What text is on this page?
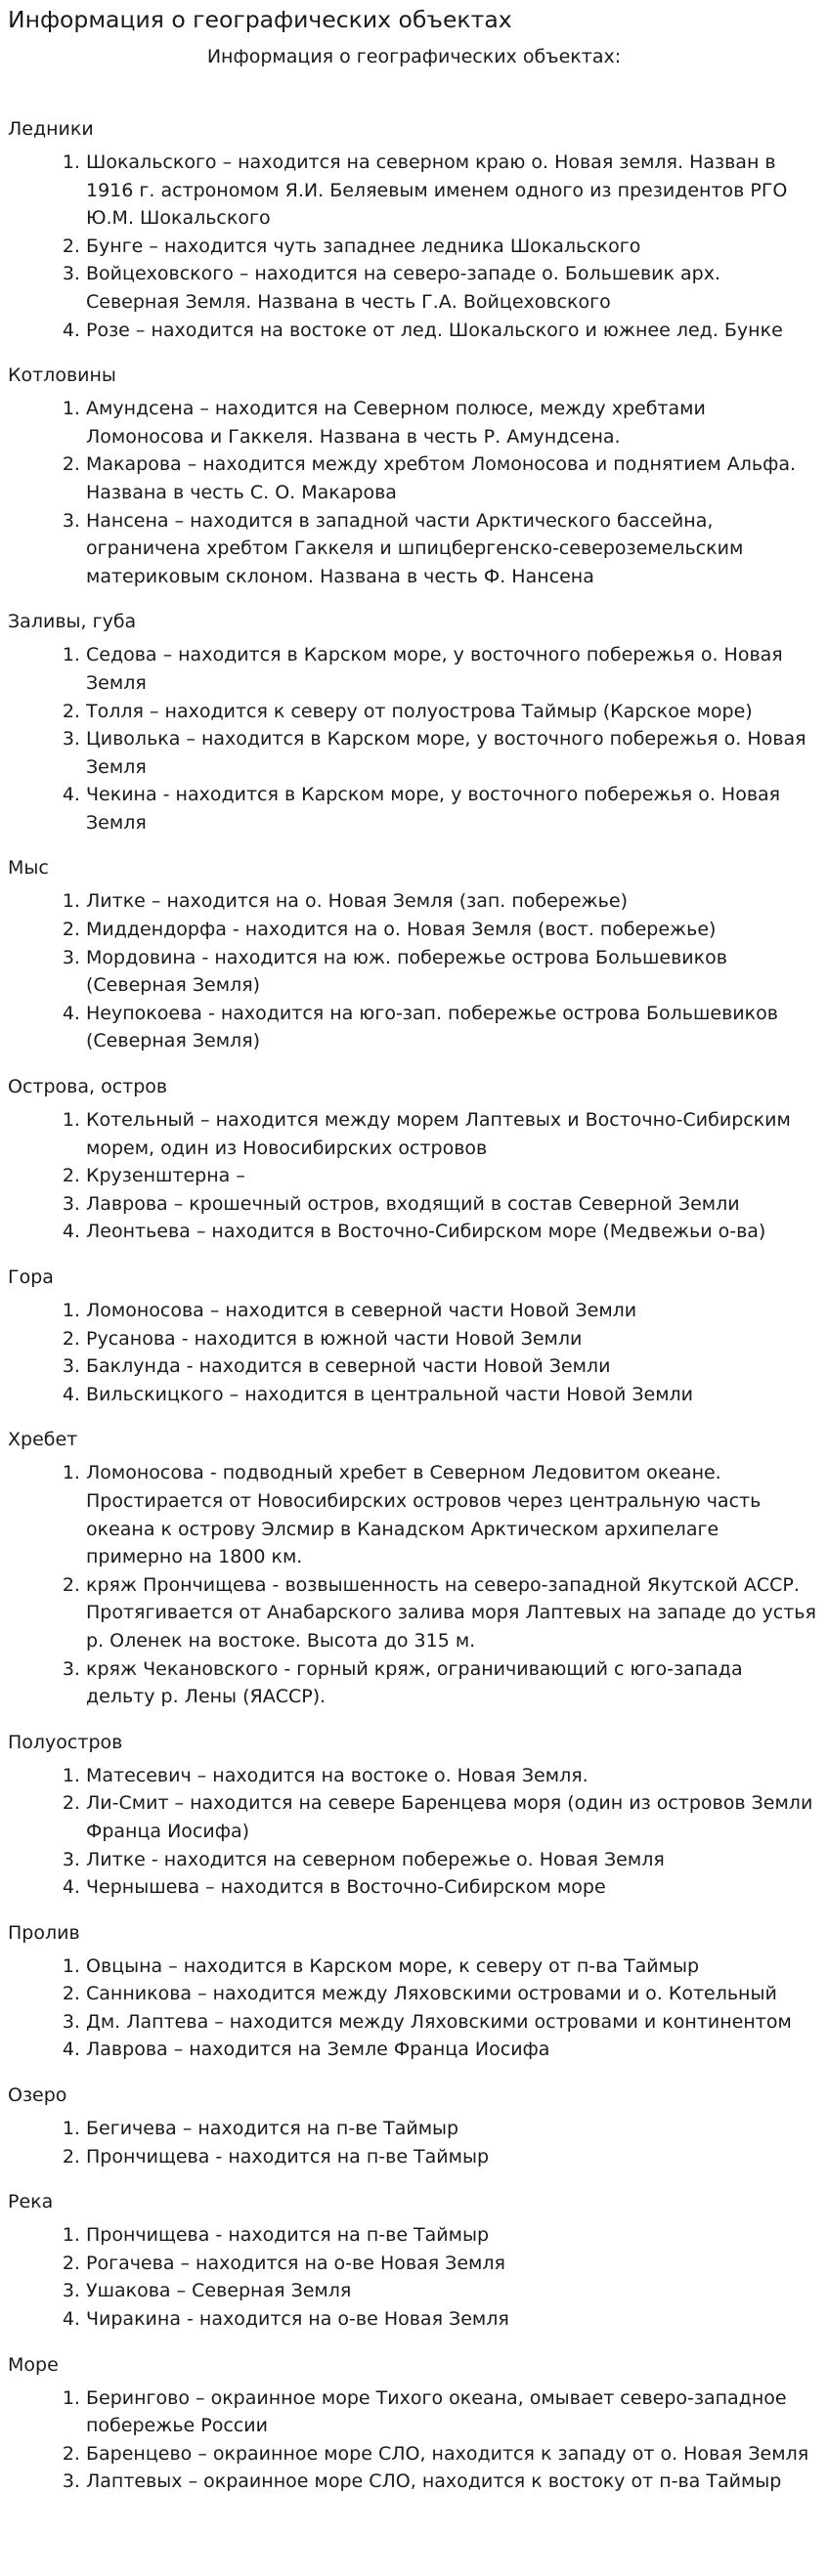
Информация о географических объектах
Информация о географических объектах:
Ледники
1. Шокальского – находится на северном краю о. Новая земля. Назван в 1916 г. астрономом Я.И. Беляевым именем одного из президентов РГО Ю.М. Шокальского
2. Бунге – находится чуть западнее ледника Шокальского
3. Войцеховского – находится на северо-западе о. Большевик арх. Северная Земля. Названа в честь Г.А. Войцеховского
4. Розе – находится на востоке от лед. Шокальского и южнее лед. Бунке
Котловины
1. Амундсена – находится на Северном полюсе, между хребтами Ломоносова и Гаккеля. Названа в честь Р. Амундсена.
2. Макарова – находится между хребтом Ломоносова и поднятием Альфа. Названа в честь С. О. Макарова
3. Нансена – находится в западной части Арктического бассейна, ограничена хребтом Гаккеля и шпицбергенско-североземельским материковым склоном. Названа в честь Ф. Нансена
Заливы, губа
1. Седова – находится в Карском море, у восточного побережья о. Новая Земля
2. Толля – находится к северу от полуострова Таймыр (Карское море)
3. Циволька – находится в Карском море, у восточного побережья о. Новая Земля
4. Чекина - находится в Карском море, у восточного побережья о. Новая Земля
Мыс
1. Литке – находится на о. Новая Земля (зап. побережье)
2. Миддендорфа - находится на о. Новая Земля (вост. побережье)
3. Мордовина - находится на юж. побережье острова Большевиков (Северная Земля)
4. Неупокоева - находится на юго-зап. побережье острова Большевиков (Северная Земля)
Острова, остров
1. Котельный – находится между морем Лаптевых и Восточно-Сибирским морем, один из Новосибирских островов
2. Крузенштерна –
3. Лаврова – крошечный остров, входящий в состав Северной Земли
4. Леонтьева – находится в Восточно-Сибирском море (Медвежьи о-ва)
Гора
1. Ломоносова – находится в северной части Новой Земли
2. Русанова - находится в южной части Новой Земли
3. Баклунда - находится в северной части Новой Земли
4. Вильскицкого – находится в центральной части Новой Земли
Хребет
1. Ломоносова - подводный хребет в Северном Ледовитом океане. Простирается от Новосибирских островов через центральную часть океана к острову Элсмир в Канадском Арктическом архипелаге примерно на 1800 км.
2. кряж Прончищева - возвышенность на северо-западной Якутской АССР. Протягивается от Анабарского залива моря Лаптевых на западе до устья р. Оленек на востоке. Высота до 315 м.
3. кряж Чекановского - горный кряж, ограничивающий с юго-запада дельту р. Лены (ЯАССР).
Полуостров
1. Матесевич – находится на востоке о. Новая Земля.
2. Ли-Смит – находится на севере Баренцева моря (один из островов Земли Франца Иосифа)
3. Литке - находится на северном побережье о. Новая Земля
4. Чернышева – находится в Восточно-Сибирском море
Пролив
1. Овцына – находится в Карском море, к северу от п-ва Таймыр
2. Санникова – находится между Ляховскими островами и о. Котельный
3. Дм. Лаптева – находится между Ляховскими островами и континентом
4. Лаврова – находится на Земле Франца Иосифа
Озеро
1. Бегичева – находится на п-ве Таймыр
2. Прончищева - находится на п-ве Таймыр
Река
1. Прончищева - находится на п-ве Таймыр
2. Рогачева – находится на о-ве Новая Земля
3. Ушакова – Северная Земля
4. Чиракина - находится на о-ве Новая Земля
Море
1. Берингово – окраинное море Тихого океана, омывает северо-западное побережье России
2. Баренцево – окраинное море СЛО, находится к западу от о. Новая Земля
3. Лаптевых – окраинное море СЛО, находится к востоку от п-ва Таймыр
